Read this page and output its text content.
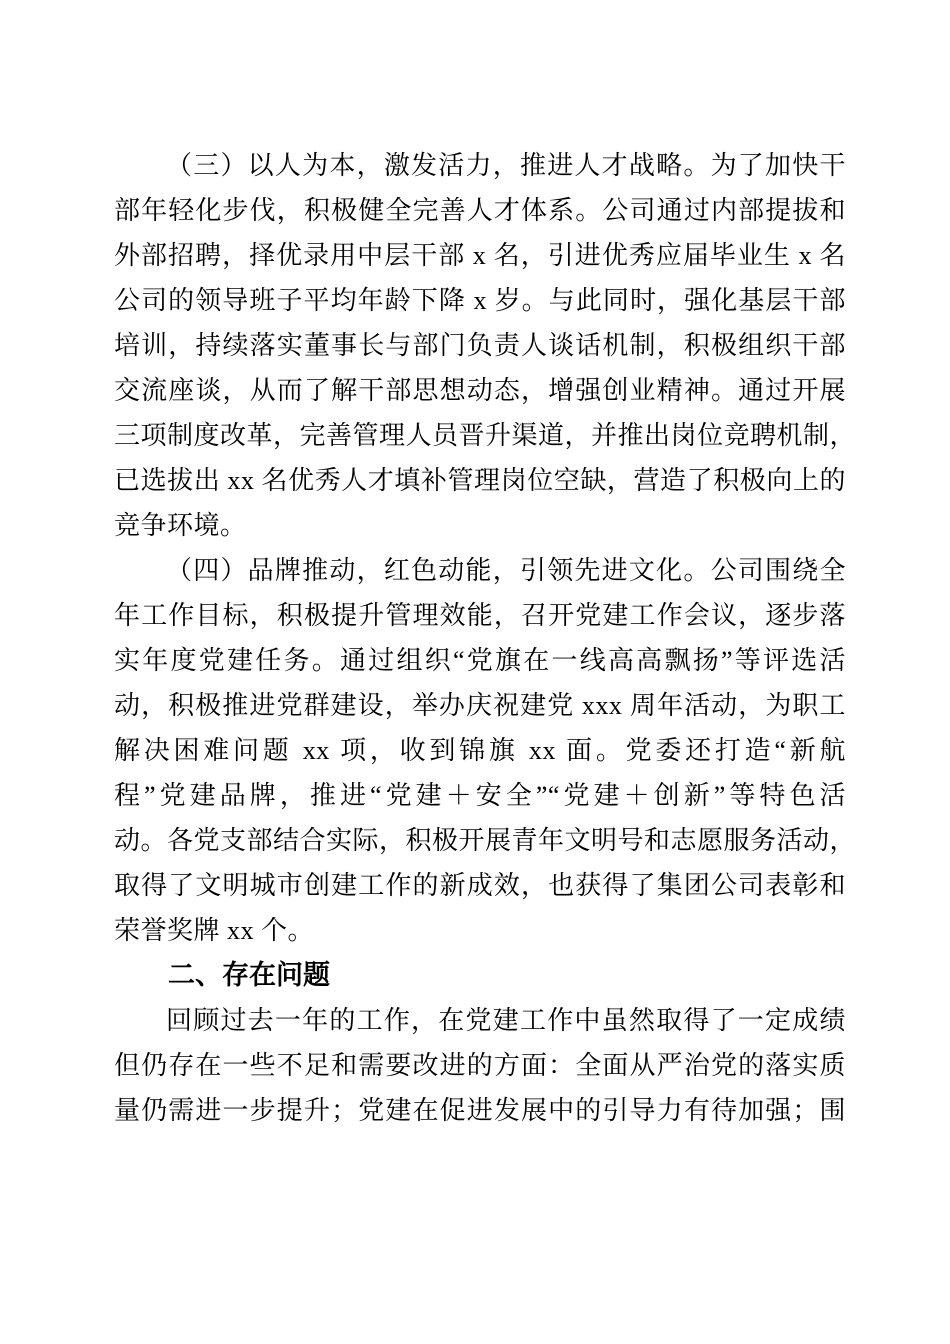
（三）以人为本，激发活力，推进人才战略。为了加快干
部年轻化步伐，积极健全完善人才体系。公司通过内部提拔和
外部招聘，择优录用中层干部 x 名，引进优秀应届毕业生 x 名
公司的领导班子平均年龄下降 x 岁。与此同时，强化基层干部
培训，持续落实董事长与部门负责人谈话机制，积极组织干部
交流座谈，从而了解干部思想动态，增强创业精神。通过开展
三项制度改革，完善管理人员晋升渠道，并推出岗位竞聘机制，
已选拔出 xx 名优秀人才填补管理岗位空缺，营造了积极向上的
竞争环境。
（四）品牌推动，红色动能，引领先进文化。公司围绕全
年工作目标，积极提升管理效能，召开党建工作会议，逐步落
实年度党建任务。通过组织“党旗在一线高高飘扬”等评选活
动，积极推进党群建设，举办庆祝建党 xxx 周年活动，为职工
解决困难问题 xx 项，收到锦旗 xx 面。党委还打造“新航
程”党建品牌，推进“党建＋安全”“党建＋创新”等特色活
动。各党支部结合实际，积极开展青年文明号和志愿服务活动，
取得了文明城市创建工作的新成效，也获得了集团公司表彰和
荣誉奖牌 xx 个。
二、存在问题
回顾过去一年的工作，在党建工作中虽然取得了一定成绩
但仍存在一些不足和需要改进的方面：全面从严治党的落实质
量仍需进一步提升；党建在促进发展中的引导力有待加强；围
